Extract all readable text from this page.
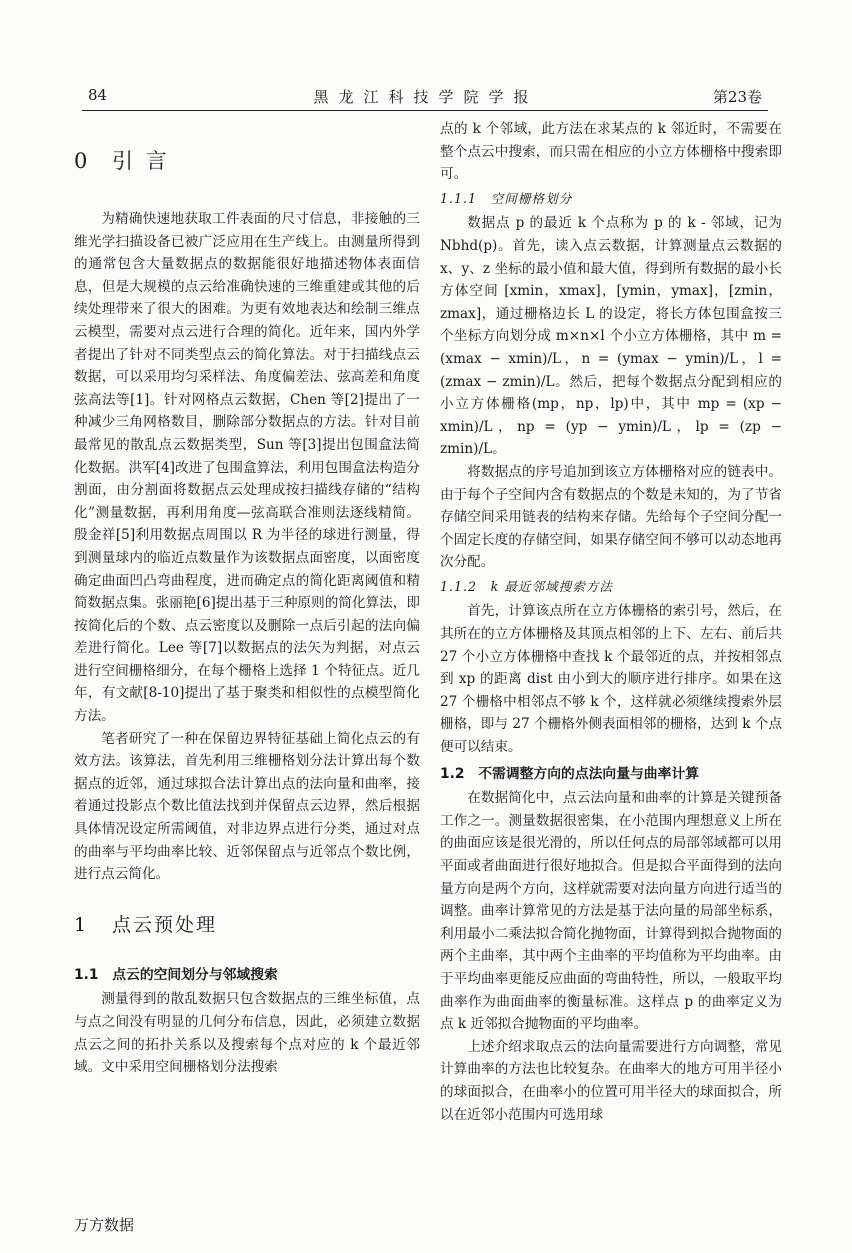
84	黑龙江科技学院学报	第23卷
0 引 言

为精确快速地获取工件表面的尺寸信息，非接触的三维光学扫描设备已被广泛应用在生产线上。由测量所得到的通常包含大量数据点的数据能很好地描述物体表面信息，但是大规模的点云给准确快速的三维重建或其他的后续处理带来了很大的困难。为更有效地表达和绘制三维点云模型，需要对点云进行合理的简化。近年来，国内外学者提出了针对不同类型点云的简化算法。对于扫描线点云数据，可以采用均匀采样法、角度偏差法、弦高差和角度弦高法等[1]。针对网格点云数据，Chen 等[2]提出了一种减少三角网格数目，删除部分数据点的方法。针对目前最常见的散乱点云数据类型，Sun 等[3]提出包围盒法简化数据。洪军[4]改进了包围盒算法，利用包围盒法构造分割面，由分割面将数据点云处理成按扫描线存储的“结构化”测量数据，再利用角度—弦高联合准则法逐线精简。殷金祥[5]利用数据点周围以 R 为半径的球进行测量，得到测量球内的临近点数量作为该数据点面密度，以面密度确定曲面凹凸弯曲程度，进而确定点的简化距离阈值和精简数据点集。张丽艳[6]提出基于三种原则的简化算法，即按简化后的个数、点云密度以及删除一点后引起的法向偏差进行简化。Lee 等[7]以数据点的法矢为判据，对点云进行空间栅格细分，在每个栅格上选择 1 个特征点。近几年，有文献[8-10]提出了基于聚类和相似性的点模型简化方法。

笔者研究了一种在保留边界特征基础上简化点云的有效方法。该算法，首先利用三维栅格划分法计算出每个数据点的近邻，通过球拟合法计算出点的法向量和曲率，接着通过投影点个数比值法找到并保留点云边界，然后根据具体情况设定所需阈值，对非边界点进行分类，通过对点的曲率与平均曲率比较、近邻保留点与近邻点个数比例，进行点云简化。

1 点云预处理
1.1　点云的空间划分与邻域搜索

测量得到的散乱数据只包含数据点的三维坐标值，点与点之间没有明显的几何分布信息，因此，必须建立数据点云之间的拓扑关系以及搜索每个点对应的 k 个最近邻域。文中采用空间栅格划分法搜索

点的 k 个邻域，此方法在求某点的 k 邻近时，不需要在整个点云中搜索，而只需在相应的小立方体栅格中搜索即可。

1.1.1　空间栅格划分

数据点 p 的最近 k 个点称为 p 的 k - 邻域，记为 Nbhd(p)。首先，读入点云数据，计算测量点云数据的 x、y、z 坐标的最小值和最大值，得到所有数据的最小长方体空间 [xmin，xmax]，[ymin，ymax]，[zmin，zmax]，通过栅格边长 L 的设定，将长方体包围盒按三个坐标方向划分成 m×n×l 个小立方体栅格，其中 m = (xmax − xmin)/L，n = (ymax − ymin)/L，l = (zmax − zmin)/L。然后，把每个数据点分配到相应的小立方体栅格(mp，np，lp)中，其中 mp = (xp − xmin)/L，np = (yp − ymin)/L，lp = (zp − zmin)/L。

将数据点的序号追加到该立方体栅格对应的链表中。由于每个子空间内含有数据点的个数是未知的，为了节省存储空间采用链表的结构来存储。先给每个子空间分配一个固定长度的存储空间，如果存储空间不够可以动态地再次分配。

1.1.2　k 最近邻域搜索方法

首先，计算该点所在立方体栅格的索引号，然后，在其所在的立方体栅格及其顶点相邻的上下、左右、前后共 27 个小立方体栅格中查找 k 个最邻近的点，并按相邻点到 xp 的距离 dist 由小到大的顺序进行排序。如果在这 27 个栅格中相邻点不够 k 个，这样就必须继续搜索外层栅格，即与 27 个栅格外侧表面相邻的栅格，达到 k 个点便可以结束。

1.2　不需调整方向的点法向量与曲率计算

在数据简化中，点云法向量和曲率的计算是关键预备工作之一。测量数据很密集，在小范围内理想意义上所在的曲面应该是很光滑的，所以任何点的局部邻域都可以用平面或者曲面进行很好地拟合。但是拟合平面得到的法向量方向是两个方向，这样就需要对法向量方向进行适当的调整。曲率计算常见的方法是基于法向量的局部坐标系，利用最小二乘法拟合简化抛物面，计算得到拟合抛物面的两个主曲率，其中两个主曲率的平均值称为平均曲率。由于平均曲率更能反应曲面的弯曲特性，所以，一般取平均曲率作为曲面曲率的衡量标准。这样点 p 的曲率定义为点 k 近邻拟合抛物面的平均曲率。

上述介绍求取点云的法向量需要进行方向调整，常见计算曲率的方法也比较复杂。在曲率大的地方可用半径小的球面拟合，在曲率小的位置可用半径大的球面拟合，所以在近邻小范围内可选用球

万方数据
